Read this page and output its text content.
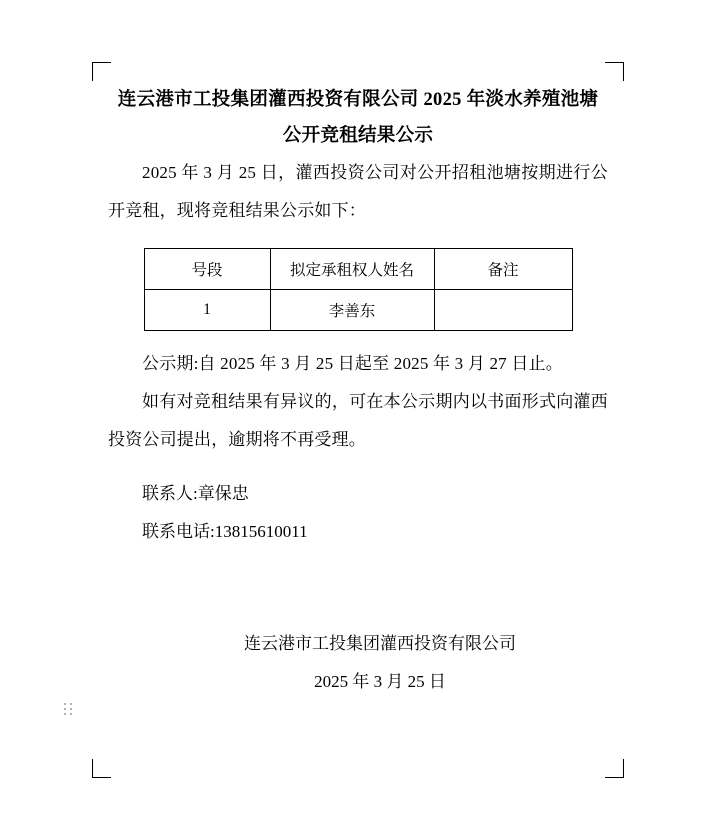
连云港市工投集团灌西投资有限公司 2025 年淡水养殖池塘
公开竞租结果公示

2025 年 3 月 25 日，灌西投资公司对公开招租池塘按期进行公开竞租，现将竞租结果公示如下：

号段	拟定承租权人姓名	备注
1	李善东	

公示期:自 2025 年 3 月 25 日起至 2025 年 3 月 27 日止。

如有对竞租结果有异议的，可在本公示期内以书面形式向灌西投资公司提出，逾期将不再受理。

联系人:章保忠

联系电话:13815610011

连云港市工投集团灌西投资有限公司
2025 年 3 月 25 日
